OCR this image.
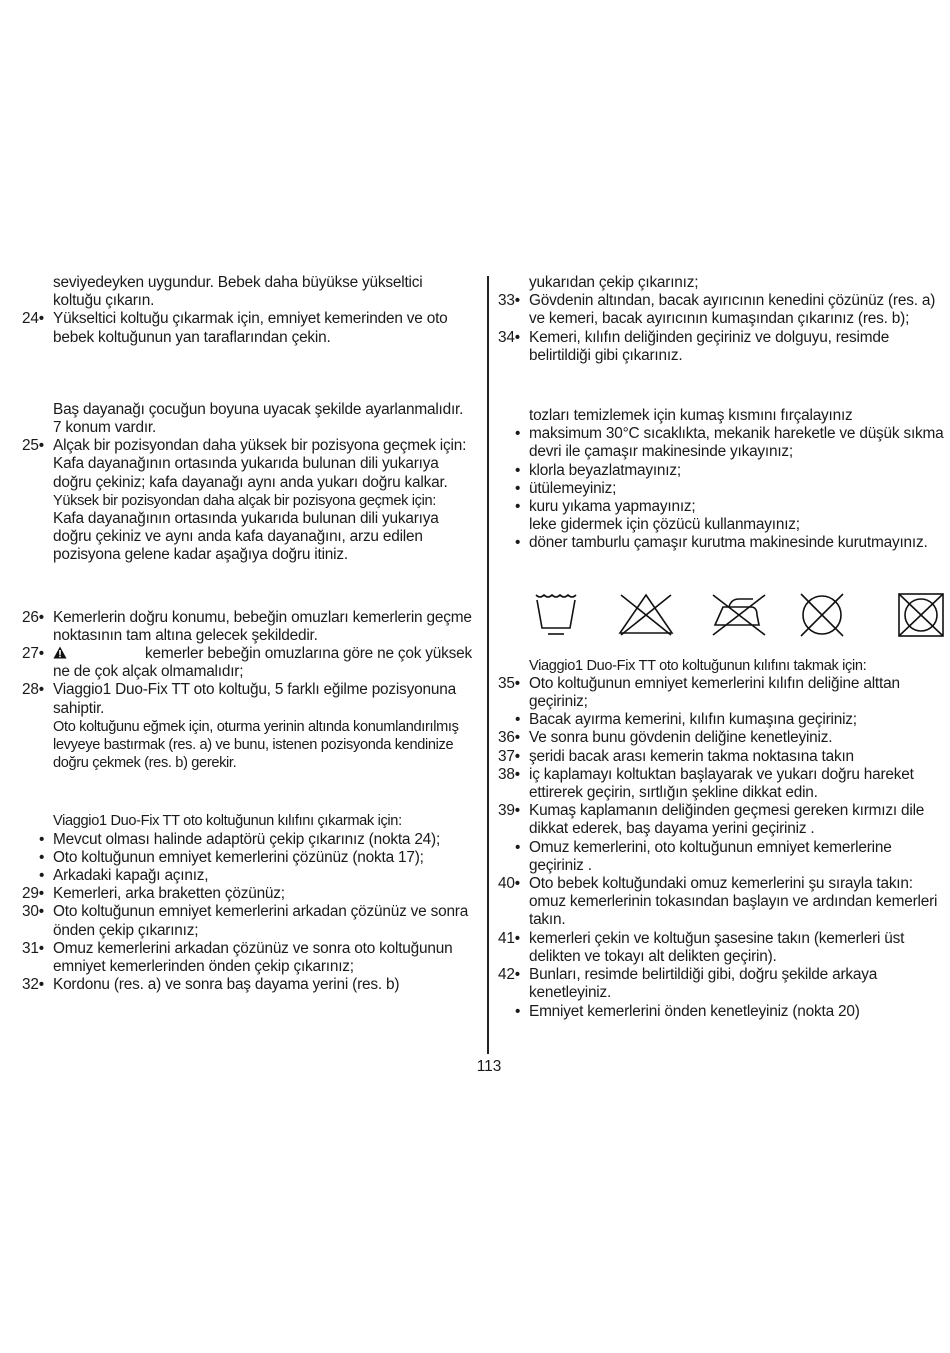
seviyedeyken uygundur. Bebek daha büyükse yükseltici koltuğu çıkarın.
24• Yükseltici koltuğu çıkarmak için, emniyet kemerinden ve oto bebek koltuğunun yan taraflarından çekin.
Baş dayanağı çocuğun boyuna uyacak şekilde ayarlanmalıdır. 7 konum vardır.
25• Alçak bir pozisyondan daha yüksek bir pozisyona geçmek için: Kafa dayanağının ortasında yukarıda bulunan dili yukarıya doğru çekiniz; kafa dayanağı aynı anda yukarı doğru kalkar.
Yüksek bir pozisyondan daha alçak bir pozisyona geçmek için:
Kafa dayanağının ortasında yukarıda bulunan dili yukarıya doğru çekiniz ve aynı anda kafa dayanağını, arzu edilen pozisyona gelene kadar aşağıya doğru itiniz.
26• Kemerlerin doğru konumu, bebeğin omuzları kemerlerin geçme noktasının tam altına gelecek şekildedir.
27•	kemerler bebeğin omuzlarına göre ne çok yüksek ne de çok alçak olmamalıdır;
28• Viaggio1 Duo-Fix TT oto koltuğu, 5 farklı eğilme pozisyonuna sahiptir.
Oto koltuğunu eğmek için, oturma yerinin altında konumlandırılmış levyeye bastırmak (res. a) ve bunu, istenen pozisyonda kendinize doğru çekmek (res. b) gerekir.
Viaggio1 Duo-Fix TT oto koltuğunun kılıfını çıkarmak için:
• Mevcut olması halinde adaptörü çekip çıkarınız (nokta 24);
• Oto koltuğunun emniyet kemerlerini çözünüz (nokta 17);
• Arkadaki kapağı açınız,
29• Kemerleri, arka braketten çözünüz;
30• Oto koltuğunun emniyet kemerlerini arkadan çözünüz ve sonra önden çekip çıkarınız;
31• Omuz kemerlerini arkadan çözünüz ve sonra oto koltuğunun emniyet kemerlerinden önden çekip çıkarınız;
32• Kordonu (res. a) ve sonra baş dayama yerini (res. b)
yukarıdan çekip çıkarınız;
33• Gövdenin altından, bacak ayırıcının kenedini çözünüz (res. a) ve kemeri, bacak ayırıcının kumaşından çıkarınız (res. b);
34• Kemeri, kılıfın deliğinden geçiriniz ve dolguyu, resimde belirtildiği gibi çıkarınız.
tozları temizlemek için kumaş kısmını fırçalayınız
• maksimum 30°C sıcaklıkta, mekanik hareketle ve düşük sıkma devri ile çamaşır makinesinde yıkayınız;
• klorla beyazlatmayınız;
• ütülemeyiniz;
• kuru yıkama yapmayınız;
leke gidermek için çözücü kullanmayınız;
• döner tamburlu çamaşır kurutma makinesinde kurutmayınız.
Viaggio1 Duo-Fix TT oto koltuğunun kılıfını takmak için:
35• Oto koltuğunun emniyet kemerlerini kılıfın deliğine alttan geçiriniz;
• Bacak ayırma kemerini, kılıfın kumaşına geçiriniz;
36• Ve sonra bunu gövdenin deliğine kenetleyiniz.
37• şeridi bacak arası kemerin takma noktasına takın
38• iç kaplamayı koltuktan başlayarak ve yukarı doğru hareket ettirerek geçirin, sırtlığın şekline dikkat edin.
39• Kumaş kaplamanın deliğinden geçmesi gereken kırmızı dile dikkat ederek, baş dayama yerini geçiriniz .
• Omuz kemerlerini, oto koltuğunun emniyet kemerlerine geçiriniz .
40• Oto bebek koltuğundaki omuz kemerlerini şu sırayla takın: omuz kemerlerinin tokasından başlayın ve ardından kemerleri takın.
41• kemerleri çekin ve koltuğun şasesine takın (kemerleri üst delikten ve tokayı alt delikten geçirin).
42• Bunları, resimde belirtildiği gibi, doğru şekilde arkaya kenetleyiniz.
• Emniyet kemerlerini önden kenetleyiniz (nokta 20)
113
